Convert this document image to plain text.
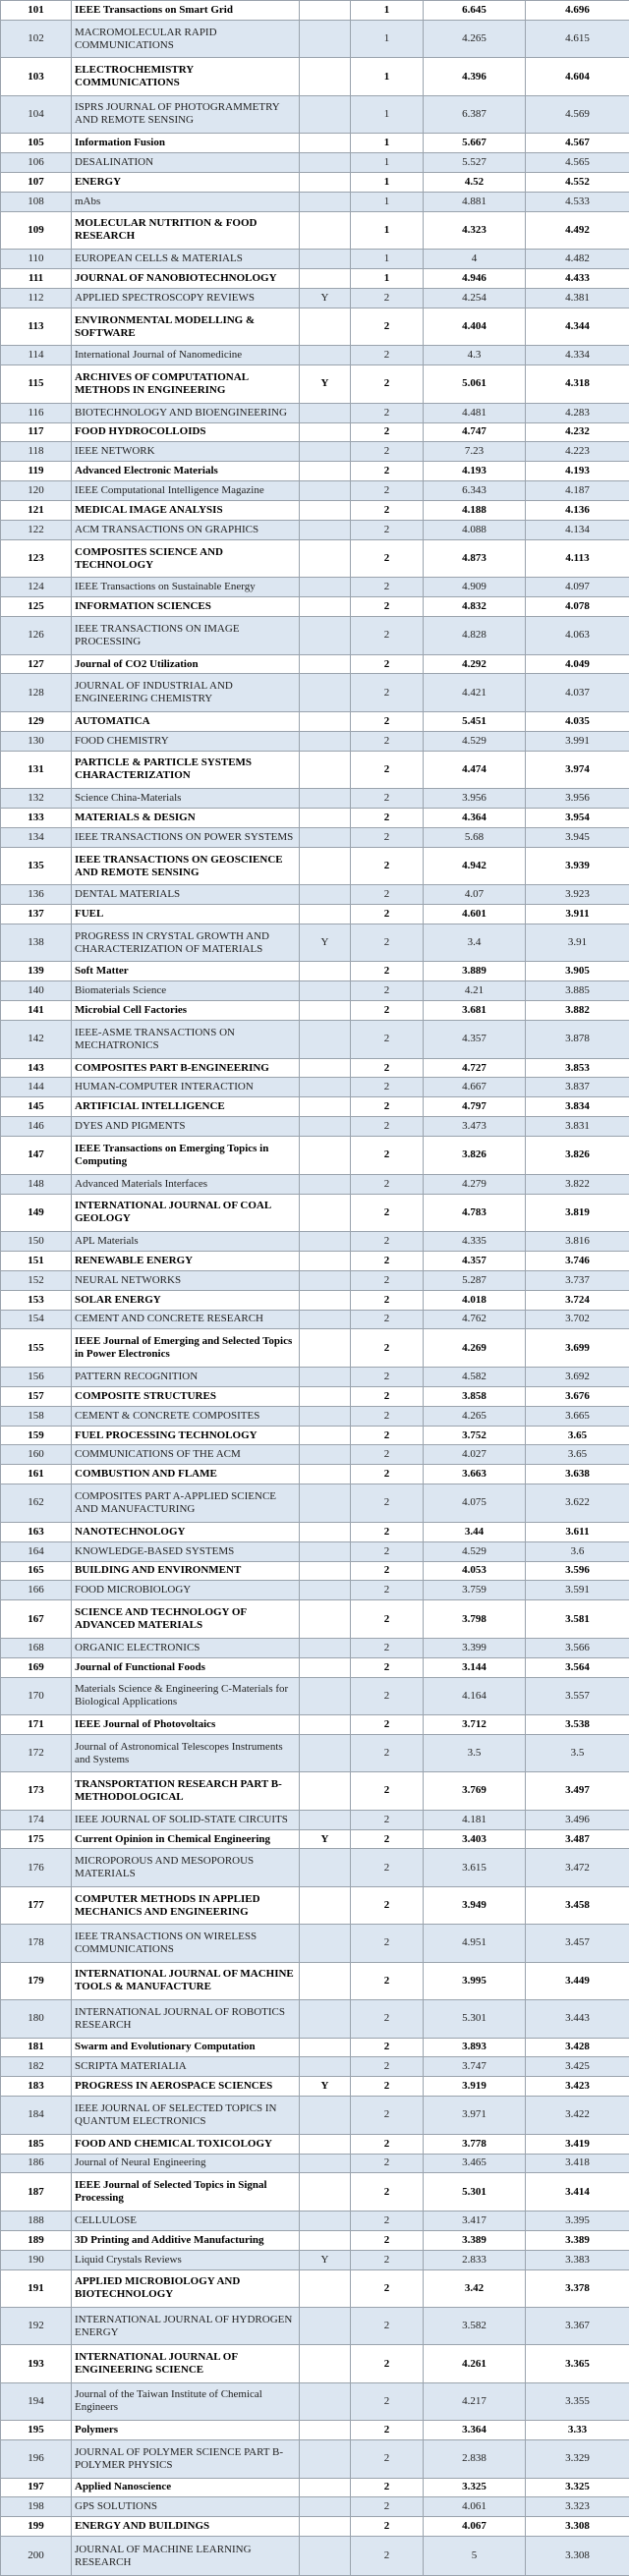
101	IEEE Transactions on Smart Grid		1	6.645	4.696
102	MACROMOLECULAR RAPID COMMUNICATIONS		1	4.265	4.615
103	ELECTROCHEMISTRY COMMUNICATIONS		1	4.396	4.604
104	ISPRS JOURNAL OF PHOTOGRAMMETRY AND REMOTE SENSING		1	6.387	4.569
105	Information Fusion		1	5.667	4.567
106	DESALINATION		1	5.527	4.565
107	ENERGY		1	4.52	4.552
108	mAbs		1	4.881	4.533
109	MOLECULAR NUTRITION & FOOD RESEARCH		1	4.323	4.492
110	EUROPEAN CELLS & MATERIALS		1	4	4.482
111	JOURNAL OF NANOBIOTECHNOLOGY		1	4.946	4.433
112	APPLIED SPECTROSCOPY REVIEWS	Y	2	4.254	4.381
113	ENVIRONMENTAL MODELLING & SOFTWARE		2	4.404	4.344
114	International Journal of Nanomedicine		2	4.3	4.334
115	ARCHIVES OF COMPUTATIONAL METHODS IN ENGINEERING	Y	2	5.061	4.318
116	BIOTECHNOLOGY AND BIOENGINEERING		2	4.481	4.283
117	FOOD HYDROCOLLOIDS		2	4.747	4.232
118	IEEE NETWORK		2	7.23	4.223
119	Advanced Electronic Materials		2	4.193	4.193
120	IEEE Computational Intelligence Magazine		2	6.343	4.187
121	MEDICAL IMAGE ANALYSIS		2	4.188	4.136
122	ACM TRANSACTIONS ON GRAPHICS		2	4.088	4.134
123	COMPOSITES SCIENCE AND TECHNOLOGY		2	4.873	4.113
124	IEEE Transactions on Sustainable Energy		2	4.909	4.097
125	INFORMATION SCIENCES		2	4.832	4.078
126	IEEE TRANSACTIONS ON IMAGE PROCESSING		2	4.828	4.063
127	Journal of CO2 Utilization		2	4.292	4.049
128	JOURNAL OF INDUSTRIAL AND ENGINEERING CHEMISTRY		2	4.421	4.037
129	AUTOMATICA		2	5.451	4.035
130	FOOD CHEMISTRY		2	4.529	3.991
131	PARTICLE & PARTICLE SYSTEMS CHARACTERIZATION		2	4.474	3.974
132	Science China-Materials		2	3.956	3.956
133	MATERIALS & DESIGN		2	4.364	3.954
134	IEEE TRANSACTIONS ON POWER SYSTEMS		2	5.68	3.945
135	IEEE TRANSACTIONS ON GEOSCIENCE AND REMOTE SENSING		2	4.942	3.939
136	DENTAL MATERIALS		2	4.07	3.923
137	FUEL		2	4.601	3.911
138	PROGRESS IN CRYSTAL GROWTH AND CHARACTERIZATION OF MATERIALS	Y	2	3.4	3.91
139	Soft Matter		2	3.889	3.905
140	Biomaterials Science		2	4.21	3.885
141	Microbial Cell Factories		2	3.681	3.882
142	IEEE-ASME TRANSACTIONS ON MECHATRONICS		2	4.357	3.878
143	COMPOSITES PART B-ENGINEERING		2	4.727	3.853
144	HUMAN-COMPUTER INTERACTION		2	4.667	3.837
145	ARTIFICIAL INTELLIGENCE		2	4.797	3.834
146	DYES AND PIGMENTS		2	3.473	3.831
147	IEEE Transactions on Emerging Topics in Computing		2	3.826	3.826
148	Advanced Materials Interfaces		2	4.279	3.822
149	INTERNATIONAL JOURNAL OF COAL GEOLOGY		2	4.783	3.819
150	APL Materials		2	4.335	3.816
151	RENEWABLE ENERGY		2	4.357	3.746
152	NEURAL NETWORKS		2	5.287	3.737
153	SOLAR ENERGY		2	4.018	3.724
154	CEMENT AND CONCRETE RESEARCH		2	4.762	3.702
155	IEEE Journal of Emerging and Selected Topics in Power Electronics		2	4.269	3.699
156	PATTERN RECOGNITION		2	4.582	3.692
157	COMPOSITE STRUCTURES		2	3.858	3.676
158	CEMENT & CONCRETE COMPOSITES		2	4.265	3.665
159	FUEL PROCESSING TECHNOLOGY		2	3.752	3.65
160	COMMUNICATIONS OF THE ACM		2	4.027	3.65
161	COMBUSTION AND FLAME		2	3.663	3.638
162	COMPOSITES PART A-APPLIED SCIENCE AND MANUFACTURING		2	4.075	3.622
163	NANOTECHNOLOGY		2	3.44	3.611
164	KNOWLEDGE-BASED SYSTEMS		2	4.529	3.6
165	BUILDING AND ENVIRONMENT		2	4.053	3.596
166	FOOD MICROBIOLOGY		2	3.759	3.591
167	SCIENCE AND TECHNOLOGY OF ADVANCED MATERIALS		2	3.798	3.581
168	ORGANIC ELECTRONICS		2	3.399	3.566
169	Journal of Functional Foods		2	3.144	3.564
170	Materials Science & Engineering C-Materials for Biological Applications		2	4.164	3.557
171	IEEE Journal of Photovoltaics		2	3.712	3.538
172	Journal of Astronomical Telescopes Instruments and Systems		2	3.5	3.5
173	TRANSPORTATION RESEARCH PART B-METHODOLOGICAL		2	3.769	3.497
174	IEEE JOURNAL OF SOLID-STATE CIRCUITS		2	4.181	3.496
175	Current Opinion in Chemical Engineering	Y	2	3.403	3.487
176	MICROPOROUS AND MESOPOROUS MATERIALS		2	3.615	3.472
177	COMPUTER METHODS IN APPLIED MECHANICS AND ENGINEERING		2	3.949	3.458
178	IEEE TRANSACTIONS ON WIRELESS COMMUNICATIONS		2	4.951	3.457
179	INTERNATIONAL JOURNAL OF MACHINE TOOLS & MANUFACTURE		2	3.995	3.449
180	INTERNATIONAL JOURNAL OF ROBOTICS RESEARCH		2	5.301	3.443
181	Swarm and Evolutionary Computation		2	3.893	3.428
182	SCRIPTA MATERIALIA		2	3.747	3.425
183	PROGRESS IN AEROSPACE SCIENCES	Y	2	3.919	3.423
184	IEEE JOURNAL OF SELECTED TOPICS IN QUANTUM ELECTRONICS		2	3.971	3.422
185	FOOD AND CHEMICAL TOXICOLOGY		2	3.778	3.419
186	Journal of Neural Engineering		2	3.465	3.418
187	IEEE Journal of Selected Topics in Signal Processing		2	5.301	3.414
188	CELLULOSE		2	3.417	3.395
189	3D Printing and Additive Manufacturing		2	3.389	3.389
190	Liquid Crystals Reviews	Y	2	2.833	3.383
191	APPLIED MICROBIOLOGY AND BIOTECHNOLOGY		2	3.42	3.378
192	INTERNATIONAL JOURNAL OF HYDROGEN ENERGY		2	3.582	3.367
193	INTERNATIONAL JOURNAL OF ENGINEERING SCIENCE		2	4.261	3.365
194	Journal of the Taiwan Institute of Chemical Engineers		2	4.217	3.355
195	Polymers		2	3.364	3.33
196	JOURNAL OF POLYMER SCIENCE PART B-POLYMER PHYSICS		2	2.838	3.329
197	Applied Nanoscience		2	3.325	3.325
198	GPS SOLUTIONS		2	4.061	3.323
199	ENERGY AND BUILDINGS		2	4.067	3.308
200	JOURNAL OF MACHINE LEARNING RESEARCH		2	5	3.308
